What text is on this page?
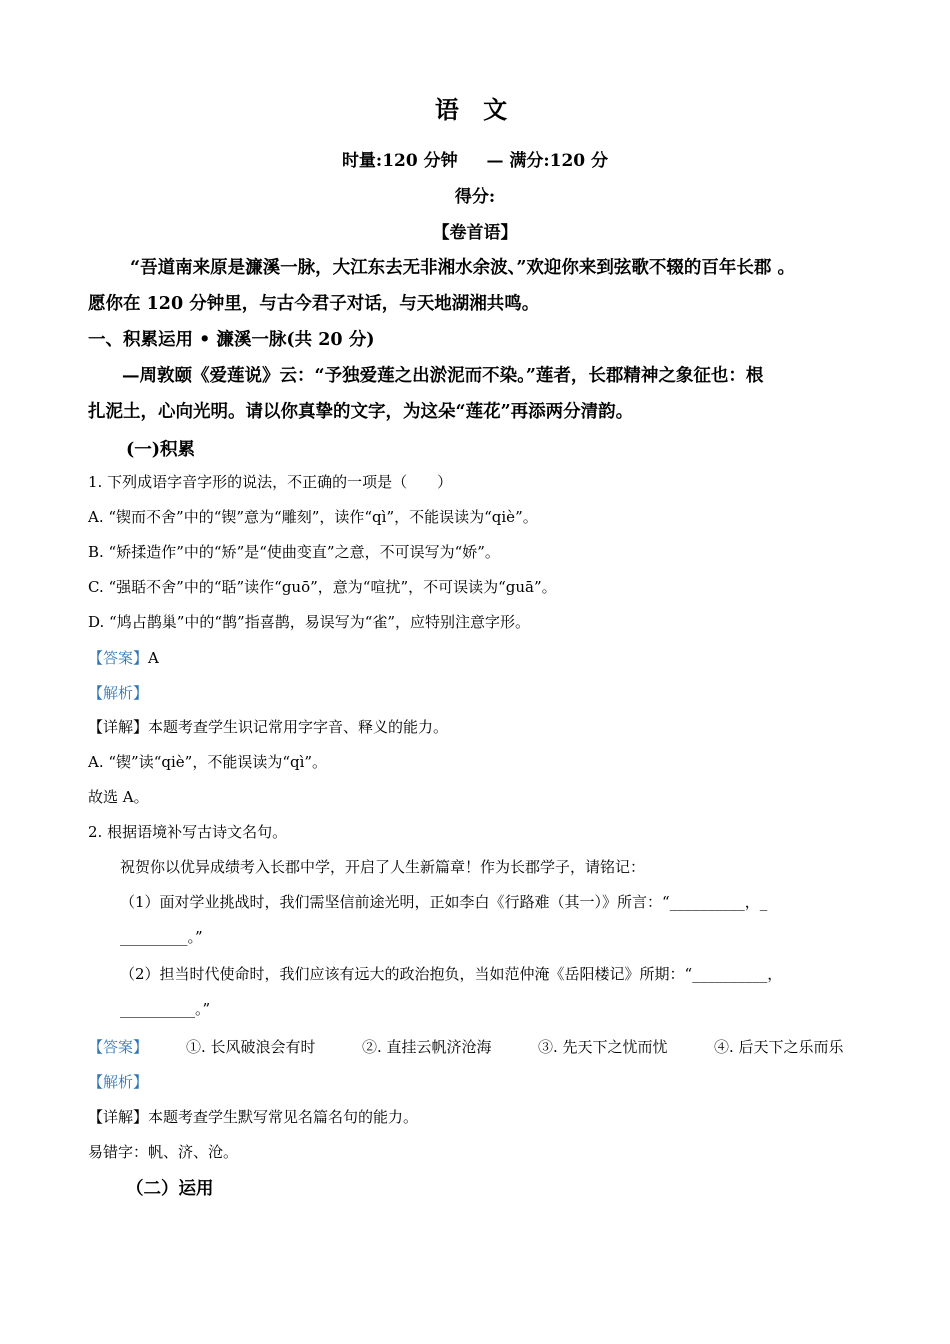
语 文
时量:120 分钟 　 — 满分:120 分
得分:
【卷首语】
“吾道南来原是濂溪一脉，大江东去无非湘水余波、”欢迎你来到弦歌不辍的百年长郡 。
愿你在 120 分钟里，与古今君子对话，与天地湖湘共鸣。
一、积累运用 • 濂溪一脉(共 20 分)
—周敦颐《爱莲说》云：“予独爱莲之出淤泥而不染。”莲者，长郡精神之象征也：根
扎泥土，心向光明。请以你真挚的文字，为这朵“莲花”再添两分清韵。
(一)积累
1. 下列成语字音字形的说法，不正确的一项是（　　）
A. “锲而不舍”中的“锲”意为“雕刻”，读作“qì”，不能误读为“qiè”。
B. “矫揉造作”中的“矫”是“使曲变直”之意，不可误写为“娇”。
C. “强聒不舍”中的“聒”读作“guō”，意为“喧扰”，不可误读为“guā”。
D. “鸠占鹊巢”中的“鹊”指喜鹊，易误写为“雀”，应特别注意字形。
【答案】A
【解析】
【详解】本题考查学生识记常用字字音、释义的能力。
A. “锲”读“qiè”，不能误读为“qì”。
故选 A。
2. 根据语境补写古诗文名句。
祝贺你以优异成绩考入长郡中学，开启了人生新篇章！作为长郡学子，请铭记：
（1）面对学业挑战时，我们需坚信前途光明，正如李白《行路难（其一）》所言：“__________，_
_________。”
（2）担当时代使命时，我们应该有远大的政治抱负，当如范仲淹《岳阳楼记》所期：“__________，
__________。”
【答案】	①. 长风破浪会有时	②. 直挂云帆济沧海	③. 先天下之忧而忧	④. 后天下之乐而乐
【解析】
【详解】本题考查学生默写常见名篇名句的能力。
易错字：帆、济、沧。
（二）运用
